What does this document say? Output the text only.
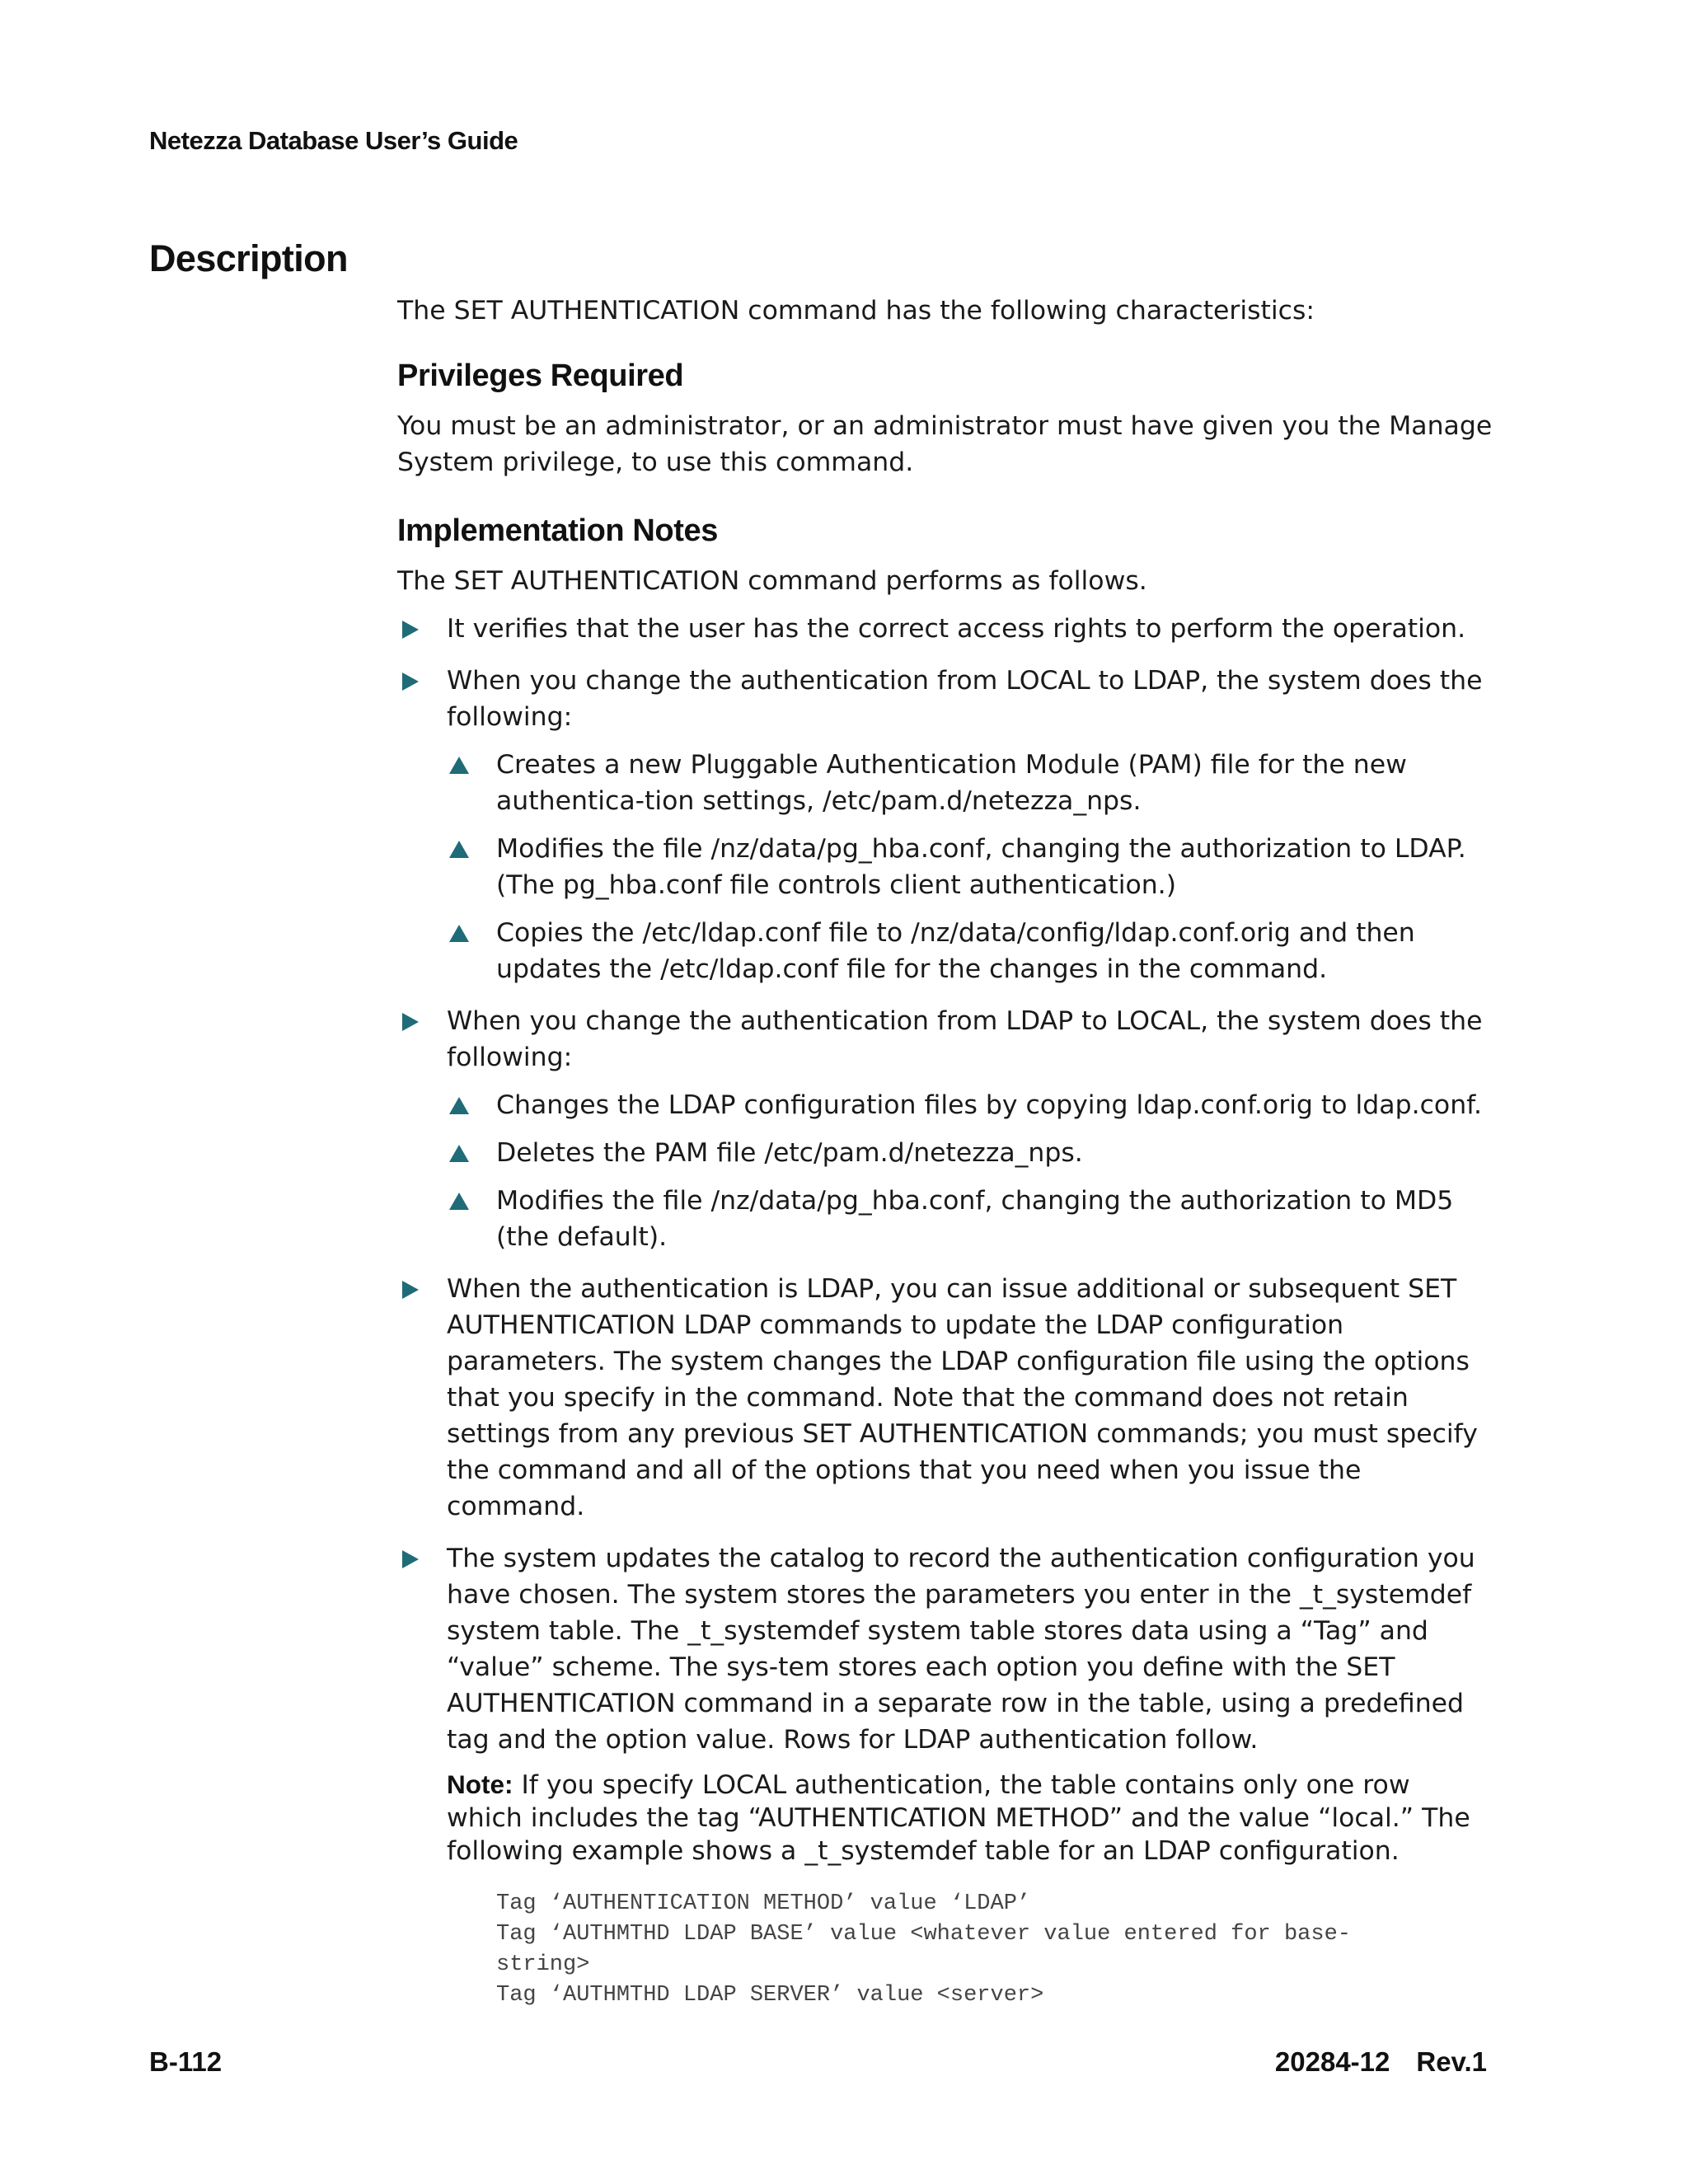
Netezza Database User’s Guide
Description

The SET AUTHENTICATION command has the following characteristics:

Privileges Required

You must be an administrator, or an administrator must have given you the Manage System privilege, to use this command.

Implementation Notes

The SET AUTHENTICATION command performs as follows.

It verifies that the user has the correct access rights to perform the operation.
When you change the authentication from LOCAL to LDAP, the system does the following:
Creates a new Pluggable Authentication Module (PAM) file for the new authentica-tion settings, /etc/pam.d/netezza_nps.
Modifies the file /nz/data/pg_hba.conf, changing the authorization to LDAP. (The pg_hba.conf file controls client authentication.)
Copies the /etc/ldap.conf file to /nz/data/config/ldap.conf.orig and then updates the /etc/ldap.conf file for the changes in the command.
When you change the authentication from LDAP to LOCAL, the system does the following:
Changes the LDAP configuration files by copying ldap.conf.orig to ldap.conf.
Deletes the PAM file /etc/pam.d/netezza_nps.
Modifies the file /nz/data/pg_hba.conf, changing the authorization to MD5 (the default).
When the authentication is LDAP, you can issue additional or subsequent SET AUTHENTICATION LDAP commands to update the LDAP configuration parameters. The system changes the LDAP configuration file using the options that you specify in the command. Note that the command does not retain settings from any previous SET AUTHENTICATION commands; you must specify the command and all of the options that you need when you issue the command.
The system updates the catalog to record the authentication configuration you have chosen. The system stores the parameters you enter in the _t_systemdef system table. The _t_systemdef system table stores data using a “Tag” and “value” scheme. The sys-tem stores each option you define with the SET AUTHENTICATION command in a separate row in the table, using a predefined tag and the option value. Rows for LDAP authentication follow.

Note: If you specify LOCAL authentication, the table contains only one row which includes the tag “AUTHENTICATION METHOD” and the value “local.” The following example shows a _t_systemdef table for an LDAP configuration.

Tag ‘AUTHENTICATION METHOD’ value ‘LDAP’
Tag ‘AUTHMTHD LDAP BASE’ value <whatever value entered for base-
string>
Tag ‘AUTHMTHD LDAP SERVER’ value <server>
B-112	20284-12 Rev.1
